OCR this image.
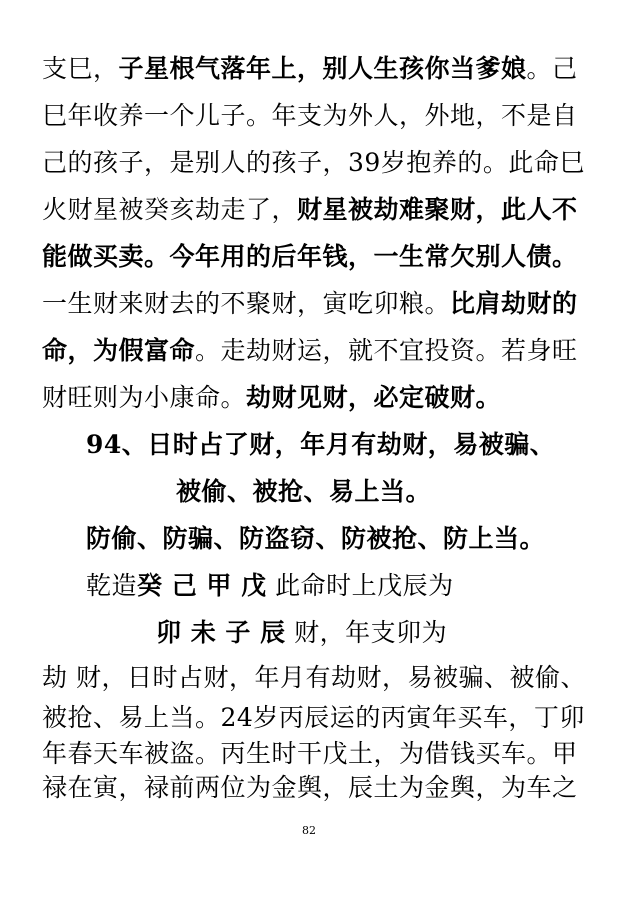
支巳，子星根气落年上，别人生孩你当爹娘。己
巳年收养一个儿子。年支为外人，外地，不是自
己的孩子，是别人的孩子，39岁抱养的。此命巳
火财星被癸亥劫走了，财星被劫难聚财，此人不
能做买卖。今年用的后年钱，一生常欠别人债。
一生财来财去的不聚财，寅吃卯粮。比肩劫财的
命，为假富命。走劫财运，就不宜投资。若身旺
财旺则为小康命。劫财见财，必定破财。
94、日时占了财，年月有劫财，易被骗、
被偷、被抢、易上当。
防偷、防骗、防盗窃、防被抢、防上当。
乾造癸 己 甲 戊 此命时上戊辰为
卯 未 子 辰 财，年支卯为
劫 财，日时占财，年月有劫财，易被骗、被偷、
被抢、易上当。24岁丙辰运的丙寅年买车，丁卯
年春天车被盗。丙生时干戊土，为借钱买车。甲
禄在寅，禄前两位为金舆，辰土为金舆，为车之
82
